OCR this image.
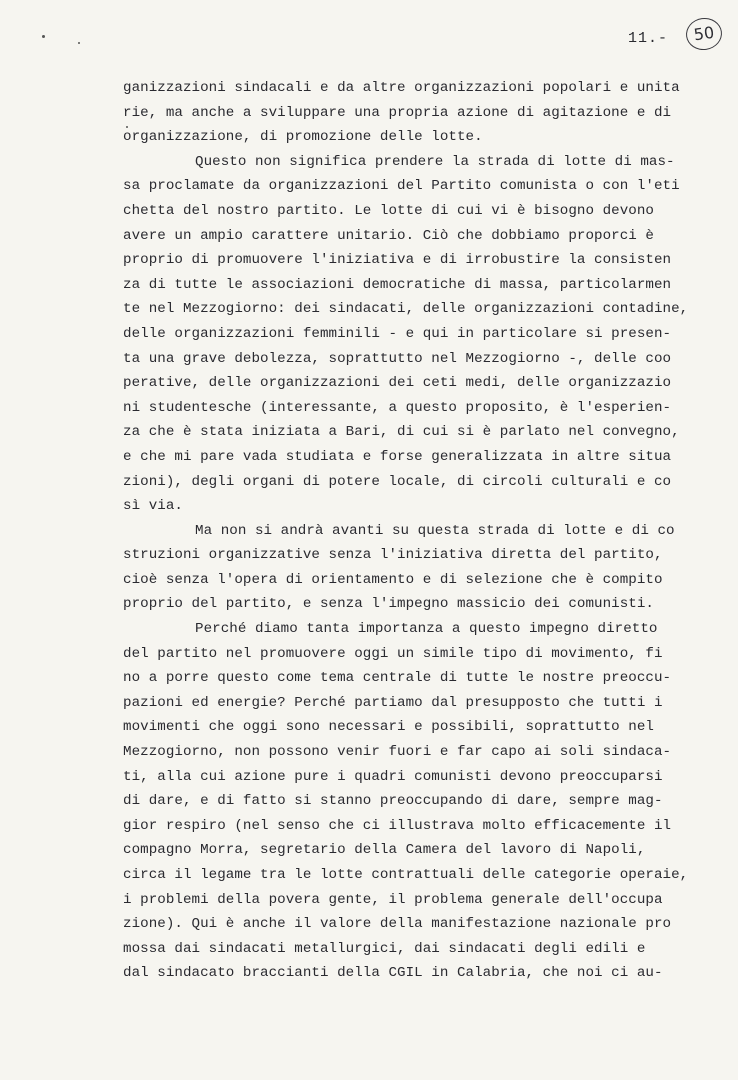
11.-	50
ganizzazioni sindacali e da altre organizzazioni popolari e unita
rie, ma anche a sviluppare una propria azione di agitazione e di
organizzazione, di promozione delle lotte.
Questo non significa prendere la strada di lotte di mas-
sa proclamate da organizzazioni del Partito comunista o con l'eti
chetta del nostro partito. Le lotte di cui vi è bisogno devono
avere un ampio carattere unitario. Ciò che dobbiamo proporci è
proprio di promuovere l'iniziativa e di irrobustire la consisten
za di tutte le associazioni democratiche di massa, particolarmen
te nel Mezzogiorno: dei sindacati, delle organizzazioni contadine,
delle organizzazioni femminili - e qui in particolare si presen-
ta una grave debolezza, soprattutto nel Mezzogiorno -, delle coo
perative, delle organizzazioni dei ceti medi, delle organizzazio
ni studentesche (interessante, a questo proposito, è l'esperien-
za che è stata iniziata a Bari, di cui si è parlato nel convegno,
e che mi pare vada studiata e forse generalizzata in altre situa
zioni), degli organi di potere locale, di circoli culturali e co
sì via.
Ma non si andrà avanti su questa strada di lotte e di co
struzioni organizzative senza l'iniziativa diretta del partito,
cioè senza l'opera di orientamento e di selezione che è compito
proprio del partito, e senza l'impegno massicio dei comunisti.
Perché diamo tanta importanza a questo impegno diretto
del partito nel promuovere oggi un simile tipo di movimento, fi
no a porre questo come tema centrale di tutte le nostre preoccu-
pazioni ed energie? Perché partiamo dal presupposto che tutti i
movimenti che oggi sono necessari e possibili, soprattutto nel
Mezzogiorno, non possono venir fuori e far capo ai soli sindaca-
ti, alla cui azione pure i quadri comunisti devono preoccuparsi
di dare, e di fatto si stanno preoccupando di dare, sempre mag-
gior respiro (nel senso che ci illustrava molto efficacemente il
compagno Morra, segretario della Camera del lavoro di Napoli,
circa il legame tra le lotte contrattuali delle categorie operaie,
i problemi della povera gente, il problema generale dell'occupa
zione). Qui è anche il valore della manifestazione nazionale pro
mossa dai sindacati metallurgici, dai sindacati degli edili e
dal sindacato braccianti della CGIL in Calabria, che noi ci au-
